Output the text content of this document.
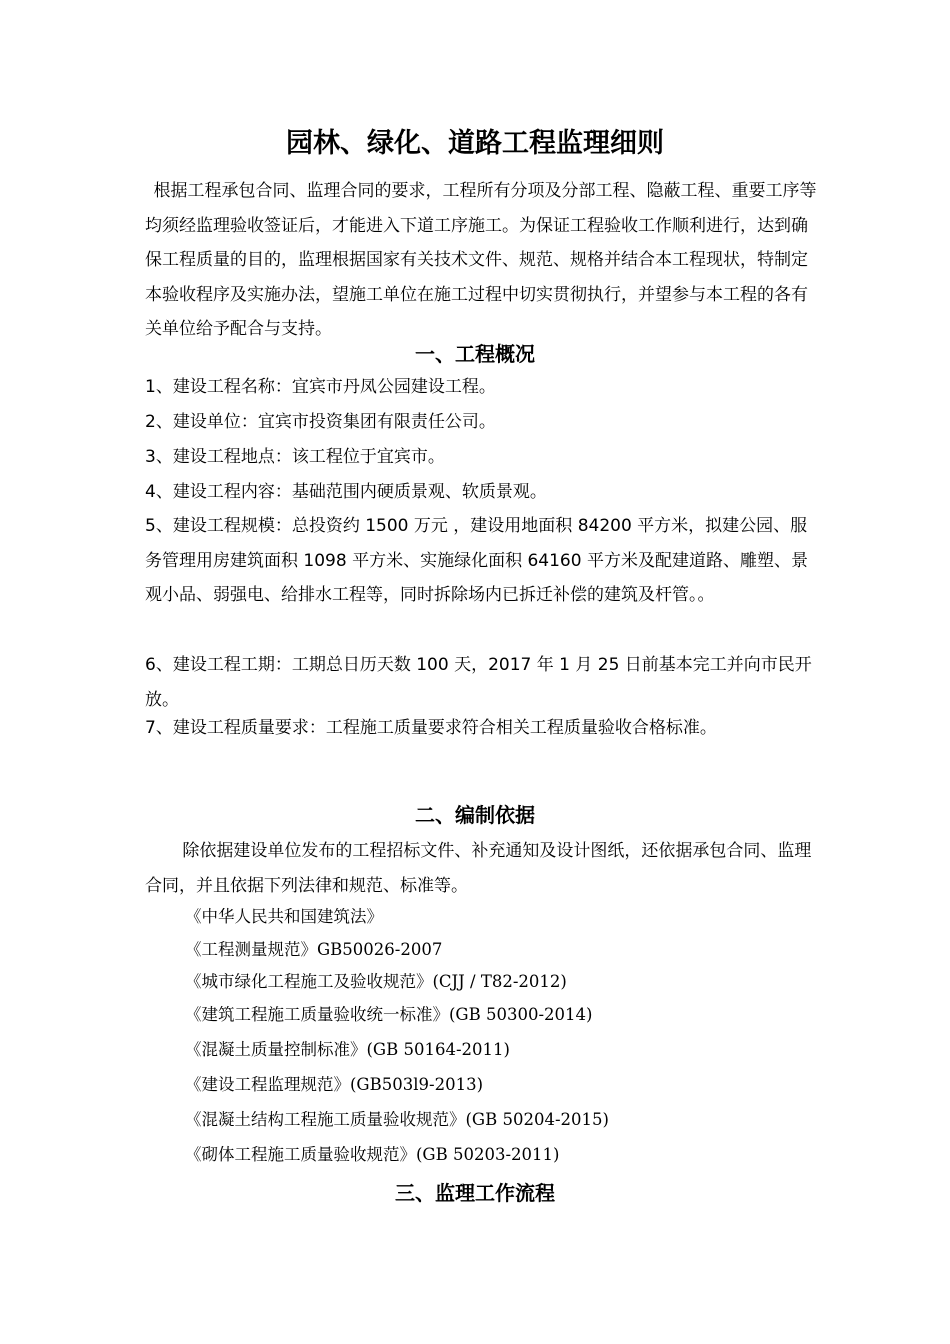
园林、绿化、道路工程监理细则
根据工程承包合同、监理合同的要求，工程所有分项及分部工程、隐蔽工程、重要工序等均须经监理验收签证后，才能进入下道工序施工。为保证工程验收工作顺利进行，达到确保工程质量的目的，监理根据国家有关技术文件、规范、规格并结合本工程现状，特制定本验收程序及实施办法，望施工单位在施工过程中切实贯彻执行，并望参与本工程的各有关单位给予配合与支持。
一、工程概况
1、建设工程名称：宜宾市丹凤公园建设工程。
2、建设单位：宜宾市投资集团有限责任公司。
3、建设工程地点：该工程位于宜宾市。
4、建设工程内容：基础范围内硬质景观、软质景观。
5、建设工程规模：总投资约 1500 万元 ，建设用地面积 84200 平方米，拟建公园、服务管理用房建筑面积 1098 平方米、实施绿化面积 64160 平方米及配建道路、雕塑、景观小品、弱强电、给排水工程等，同时拆除场内已拆迁补偿的建筑及杆管。。
6、建设工程工期：工期总日历天数 100 天，2017 年 1 月 25 日前基本完工并向市民开放。
7、建设工程质量要求：工程施工质量要求符合相关工程质量验收合格标准。
二、编制依据
除依据建设单位发布的工程招标文件、补充通知及设计图纸，还依据承包合同、监理合同，并且依据下列法律和规范、标准等。
《中华人民共和国建筑法》
《工程测量规范》GB50026-2007
《城市绿化工程施工及验收规范》(CJJ / T82-2012)
《建筑工程施工质量验收统一标准》(GB 50300-2014)
《混凝土质量控制标准》(GB 50164-2011)
《建设工程监理规范》(GB503l9-2013)
《混凝土结构工程施工质量验收规范》(GB 50204-2015)
《砌体工程施工质量验收规范》(GB 50203-2011)
三、监理工作流程
